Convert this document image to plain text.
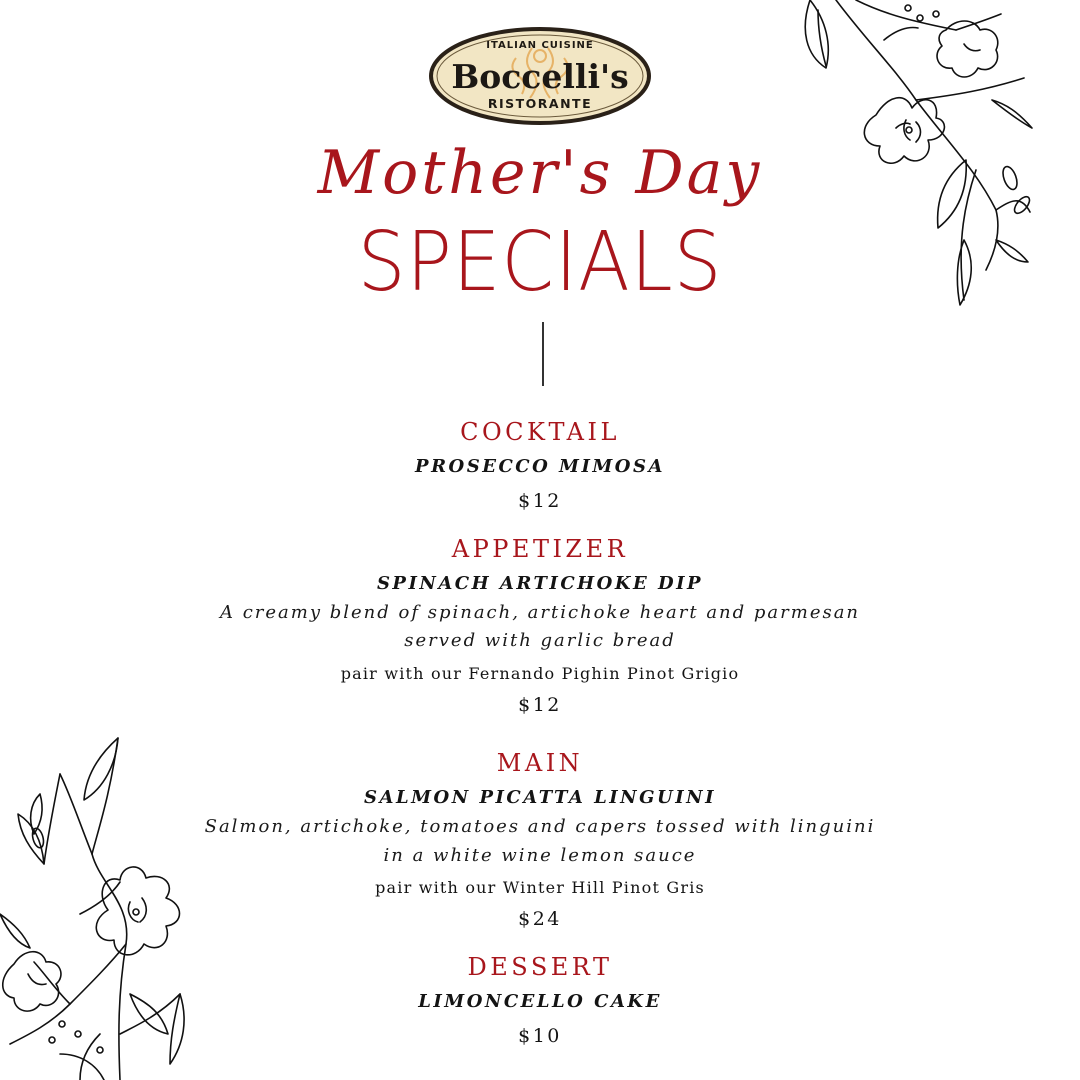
ITALIAN CUISINE
Boccelli's
RISTORANTE
Mother's Day
SPECIALS
COCKTAIL
PROSECCO MIMOSA
$12
APPETIZER
SPINACH ARTICHOKE DIP
A creamy blend of spinach, artichoke heart and parmesan
served with garlic bread
pair with our Fernando Pighin Pinot Grigio
$12
MAIN
SALMON PICATTA LINGUINI
Salmon, artichoke, tomatoes and capers tossed with linguini
in a white wine lemon sauce
pair with our Winter Hill Pinot Gris
$24
DESSERT
LIMONCELLO CAKE
$10
